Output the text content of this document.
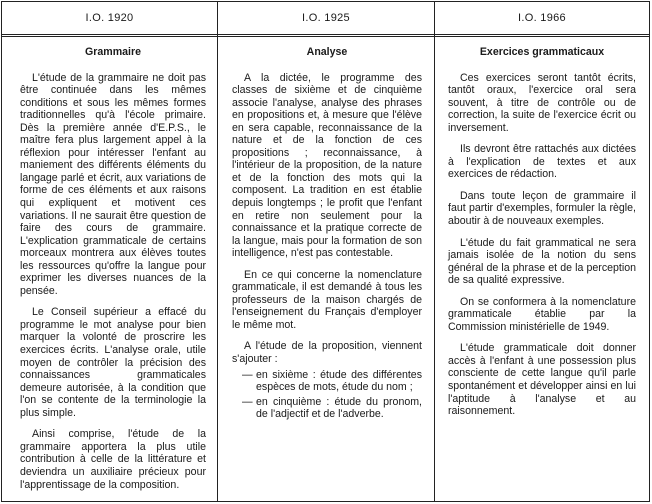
I.O. 1920	I.O. 1925	I.O. 1966
Grammaire

L'étude de la grammaire ne doit pas être continuée dans les mêmes conditions et sous les mêmes formes traditionnelles qu'à l'école primaire. Dès la première année d'E.P.S., le maître fera plus largement appel à la réflexion pour intéresser l'enfant au maniement des différents éléments du langage parlé et écrit, aux variations de forme de ces éléments et aux raisons qui expliquent et motivent ces variations. Il ne saurait être question de faire des cours de grammaire. L'explication grammaticale de certains morceaux montrera aux élèves toutes les ressources qu'offre la langue pour exprimer les diverses nuances de la pensée.

Le Conseil supérieur a effacé du programme le mot analyse pour bien marquer la volonté de proscrire les exercices écrits. L'analyse orale, utile moyen de contrôler la précision des connaissances grammaticales demeure autorisée, à la condition que l'on se contente de la terminologie la plus simple.

Ainsi comprise, l'étude de la grammaire apportera la plus utile contribution à celle de la littérature et deviendra un auxiliaire précieux pour l'apprentissage de la composition.

Analyse

A la dictée, le programme des classes de sixième et de cinquième associe l'analyse, analyse des phrases en propositions et, à mesure que l'élève en sera capable, reconnaissance de la nature et de la fonction de ces propositions ; reconnaissance, à l'intérieur de la proposition, de la nature et de la fonction des mots qui la composent. La tradition en est établie depuis longtemps ; le profit que l'enfant en retire non seulement pour la connaissance et la pratique correcte de la langue, mais pour la formation de son intelligence, n'est pas contestable.

En ce qui concerne la nomenclature grammaticale, il est demandé à tous les professeurs de la maison chargés de l'enseignement du Français d'employer le même mot.

A l'étude de la proposition, viennent s'ajouter :

— en sixième : étude des différentes espèces de mots, étude du nom ;
— en cinquième : étude du pronom, de l'adjectif et de l'adverbe.
Exercices grammaticaux

Ces exercices seront tantôt écrits, tantôt oraux, l'exercice oral sera souvent, à titre de contrôle ou de correction, la suite de l'exercice écrit ou inversement.

Ils devront être rattachés aux dictées à l'explication de textes et aux exercices de rédaction.

Dans toute leçon de grammaire il faut partir d'exemples, formuler la règle, aboutir à de nouveaux exemples.

L'étude du fait grammatical ne sera jamais isolée de la notion du sens général de la phrase et de la perception de sa qualité expressive.

On se conformera à la nomenclature grammaticale établie par la Commission ministérielle de 1949.

L'étude grammaticale doit donner accès à l'enfant à une possession plus consciente de cette langue qu'il parle spontanément et développer ainsi en lui l'aptitude à l'analyse et au raisonnement.
